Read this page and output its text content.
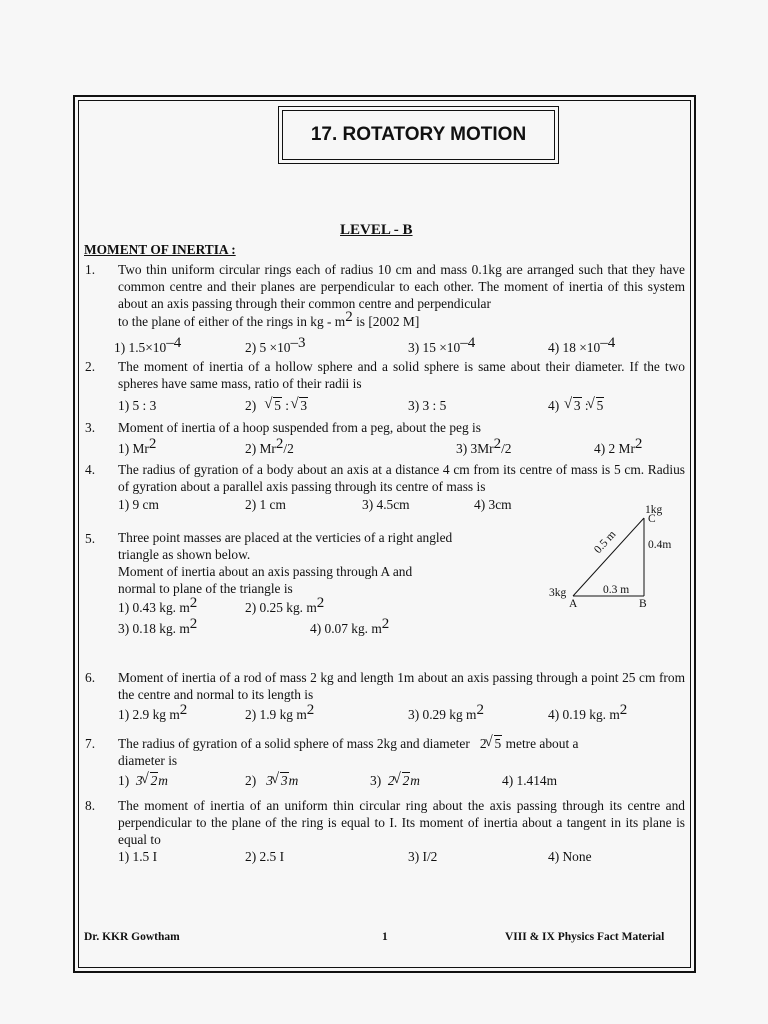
17. ROTATORY MOTION
LEVEL - B
MOMENT OF INERTIA :
1. Two thin uniform circular rings each of radius 10 cm and mass 0.1kg are arranged such that they have common centre and their planes are perpendicular to each other. The moment of inertia of this system about an axis passing through their common centre and perpendicular
to the plane of either of the rings in kg - $m^2$ is [2002 M]
1) $1.5\times 10^{-4}$	2) $5 \times 10^{-3}$	3) $15 \times 10^{-4}$	4) $18 \times 10^{-4}$
2. The moment of inertia of a hollow sphere and a solid sphere is same about their diameter. If the two spheres have same mass, ratio of their radii is
1) 5 : 3	2) √ 5 : √ 3	3) 3 : 5	4) √ 3 : √ 5
3. Moment of inertia of a hoop suspended from a peg, about the peg is
1) Mr$^2$	2) Mr$^2$/2	3) 3Mr$^2$/2	4) 2 Mr$^2$
4. The radius of gyration of a body about an axis at a distance 4 cm from its centre of mass is 5 cm. Radius of gyration about a parallel axis passing through its centre of mass is
1) 9 cm	2) 1 cm	3) 4.5cm	4) 3cm
5. Three point masses are placed at the verticies of a right angled
triangle as shown below.
Moment of inertia about an axis passing through A and
normal to plane of the triangle is
1) 0.43 kg. $m^2$	2) 0.25 kg. $m^2$
3) 0.18 kg. $m^2$	4) 0.07 kg. $m^2$
1kg
C
0.5 m	0.4m
3kg	0.3 m
A	B
6. Moment of inertia of a rod of mass 2 kg and length 1m about an axis passing through a point 25 cm from the centre and normal to its length is
1) 2.9 kg $m^2$	2) 1.9 kg $m^2$	3) 0.29 kg $m^2$	4) 0.19 kg. $m^2$
7. The radius of gyration of a solid sphere of mass 2kg and diameter 2 √ 5 metre about a
diameter is
1) 3 √ 2m	2) 3 √ 3m	3) 2 √ 2m	4) 1.414m
8. The moment of inertia of an uniform thin circular ring about the axis passing through its centre and perpendicular to the plane of the ring is equal to I. Its moment of inertia about a tangent in its plane is equal to
1) 1.5 I	2) 2.5 I	3) I/2	4) None
Dr. KKR Gowtham	1	VIII & IX Physics Fact Material
